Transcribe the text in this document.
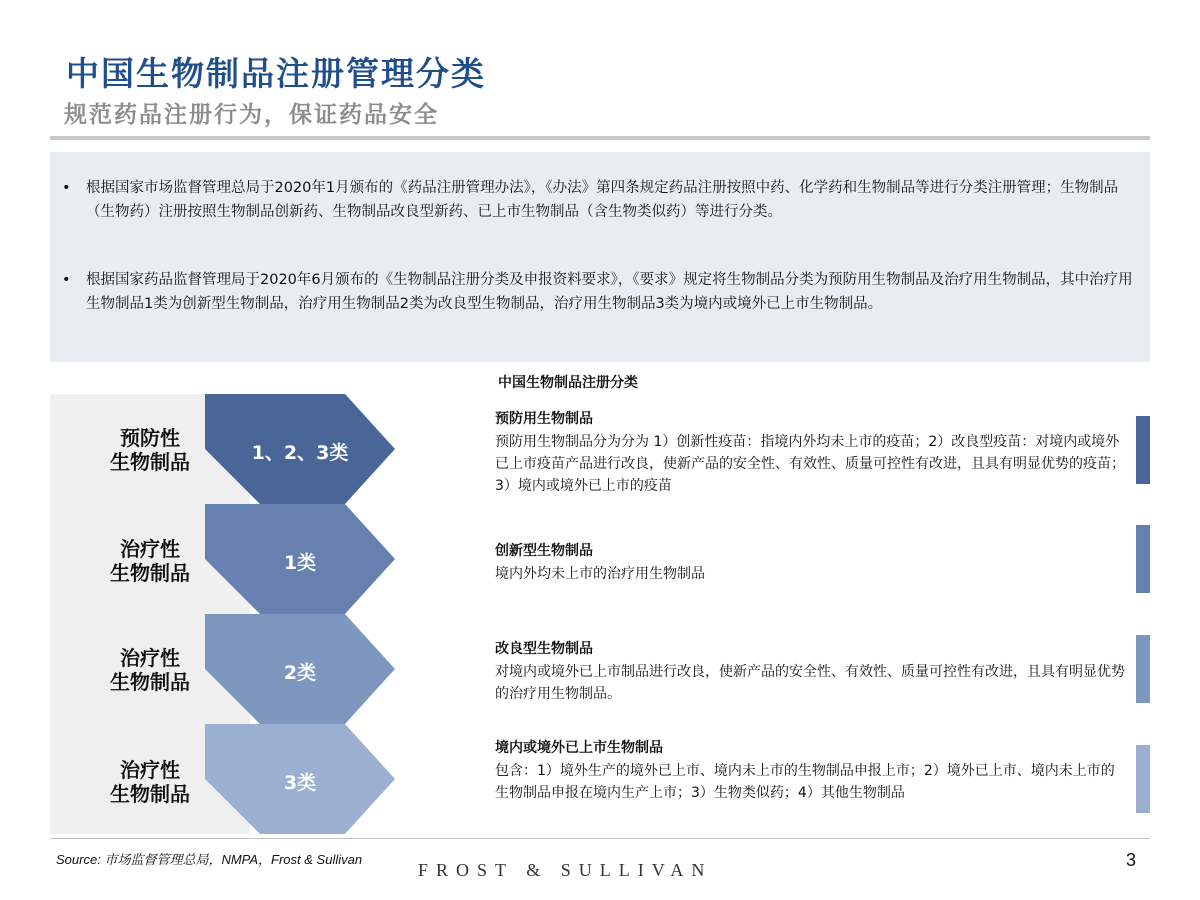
中国生物制品注册管理分类
规范药品注册行为，保证药品安全
• 根据国家市场监督管理总局于2020年1月颁布的《药品注册管理办法》，《办法》第四条规定药品注册按照中药、化学药和生物制品等进行分类注册管理；生物制品（生物药）注册按照生物制品创新药、生物制品改良型新药、已上市生物制品（含生物类似药）等进行分类。
• 根据国家药品监督管理局于2020年6月颁布的《生物制品注册分类及申报资料要求》，《要求》规定将生物制品分类为预防用生物制品及治疗用生物制品，其中治疗用生物制品1类为创新型生物制品，治疗用生物制品2类为改良型生物制品，治疗用生物制品3类为境内或境外已上市生物制品。
中国生物制品注册分类
预防性
生物制品
治疗性
生物制品
治疗性
生物制品
治疗性
生物制品
1、2、3类
1类
2类
3类
预防用生物制品
预防用生物制品分为分为 1）创新性疫苗：指境内外均未上市的疫苗；2）改良型疫苗：对境内或境外已上市疫苗产品进行改良，使新产品的安全性、有效性、质量可控性有改进，且具有明显优势的疫苗；3）境内或境外已上市的疫苗
创新型生物制品
境内外均未上市的治疗用生物制品
改良型生物制品
对境内或境外已上市制品进行改良，使新产品的安全性、有效性、质量可控性有改进，且具有明显优势的治疗用生物制品。
境内或境外已上市生物制品
包含：1）境外生产的境外已上市、境内未上市的生物制品申报上市；2）境外已上市、境内未上市的生物制品申报在境内生产上市；3）生物类似药；4）其他生物制品
Source: 市场监督管理总局，NMPA，Frost & Sullivan
FROST & SULLIVAN	3
